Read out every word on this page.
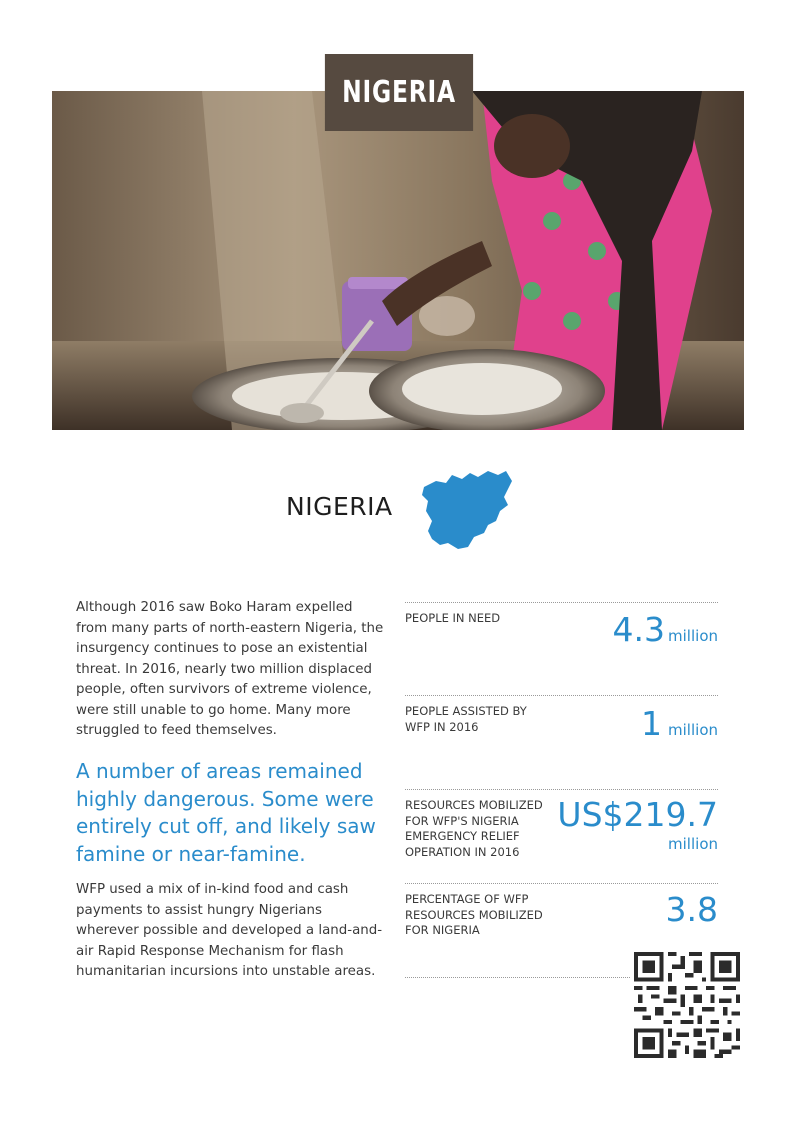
NIGERIA
NIGERIA

Although 2016 saw Boko Haram expelled from many parts of north-eastern Nigeria, the insurgency continues to pose an existential threat. In 2016, nearly two million displaced people, often survivors of extreme violence, were still unable to go home. Many more struggled to feed themselves.

A number of areas remained highly dangerous. Some were entirely cut off, and likely saw famine or near-famine.

WFP used a mix of in-kind food and cash payments to assist hungry Nigerians wherever possible and developed a land-and-air Rapid Response Mechanism for flash humanitarian incursions into unstable areas.

PEOPLE IN NEED	4.3 million
PEOPLE ASSISTED BY WFP IN 2016	1 million
RESOURCES MOBILIZED FOR WFP'S NIGERIA EMERGENCY RELIEF OPERATION IN 2016
US$219.7
million
PERCENTAGE OF WFP RESOURCES MOBILIZED FOR NIGERIA
3.8
